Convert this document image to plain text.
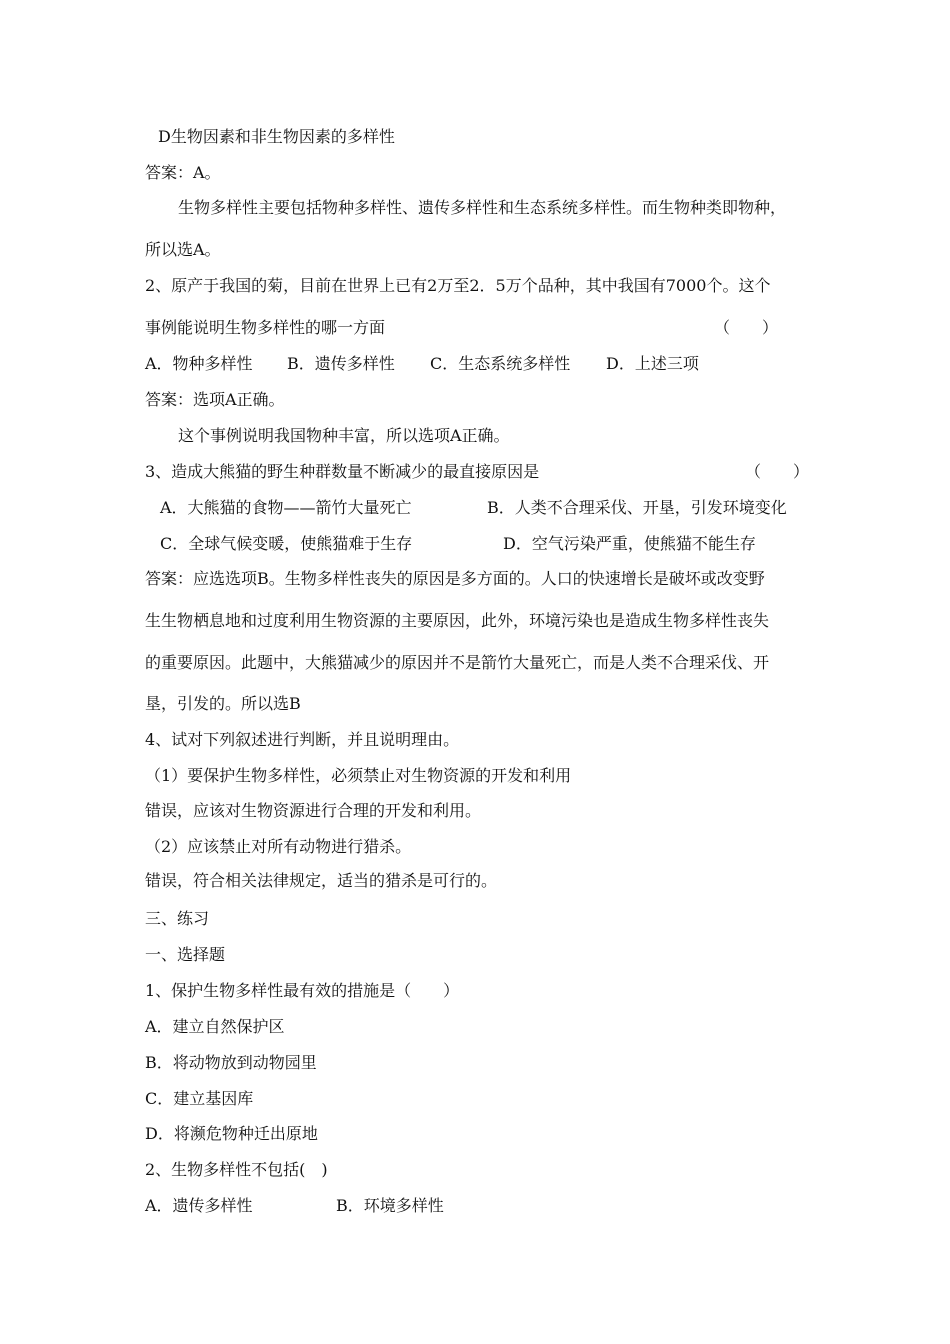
D生物因素和非生物因素的多样性
答案：A。
生物多样性主要包括物种多样性、遗传多样性和生态系统多样性。而生物种类即物种，
所以选A。
2、原产于我国的菊，目前在世界上已有2万至2．5万个品种，其中我国有7000个。这个
事例能说明生物多样性的哪一方面	（　　）
A．物种多样性 B．遗传多样性 C．生态系统多样性 D．上述三项
答案：选项A正确。
这个事例说明我国物种丰富，所以选项A正确。
3、造成大熊猫的野生种群数量不断减少的最直接原因是	（　　）
A．大熊猫的食物——箭竹大量死亡	B．人类不合理采伐、开垦，引发环境变化
C．全球气候变暖，使熊猫难于生存	D．空气污染严重，使熊猫不能生存
答案：应选选项B。生物多样性丧失的原因是多方面的。人口的快速增长是破坏或改变野
生生物栖息地和过度利用生物资源的主要原因，此外，环境污染也是造成生物多样性丧失
的重要原因。此题中，大熊猫减少的原因并不是箭竹大量死亡，而是人类不合理采伐、开
垦，引发的。所以选B
4、试对下列叙述进行判断，并且说明理由。
（1）要保护生物多样性，必须禁止对生物资源的开发和利用
错误，应该对生物资源进行合理的开发和利用。
（2）应该禁止对所有动物进行猎杀。
错误，符合相关法律规定，适当的猎杀是可行的。
三、练习
一、选择题
1、保护生物多样性最有效的措施是（　　）
A．建立自然保护区
B．将动物放到动物园里
C．建立基因库
D．将濒危物种迁出原地
2、生物多样性不包括(　)
A．遗传多样性	B．环境多样性
